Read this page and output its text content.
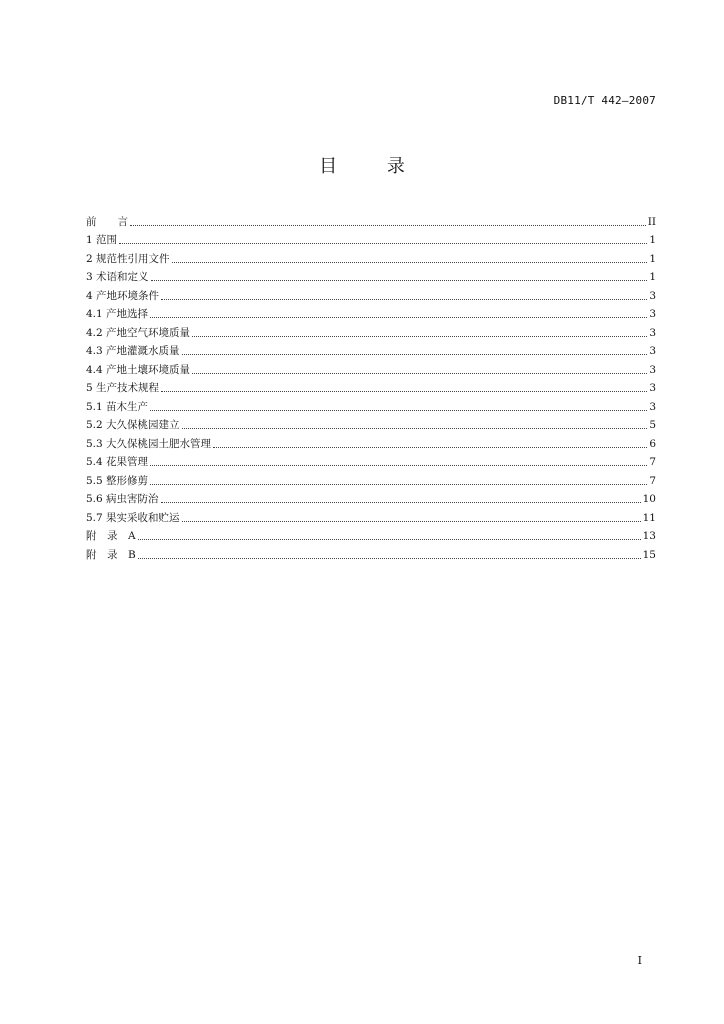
DB11/T 442—2007
目 录
前　　言	II
1 范围	1
2 规范性引用文件	1
3 术语和定义	1
4 产地环境条件	3
4.1 产地选择	3
4.2 产地空气环境质量	3
4.3 产地灌溉水质量	3
4.4 产地土壤环境质量	3
5 生产技术规程	3
5.1 苗木生产	3
5.2 大久保桃园建立	5
5.3 大久保桃园土肥水管理	6
5.4 花果管理	7
5.5 整形修剪	7
5.6 病虫害防治	10
5.7 果实采收和贮运	11
附　录　A	13
附　录　B	15
I
